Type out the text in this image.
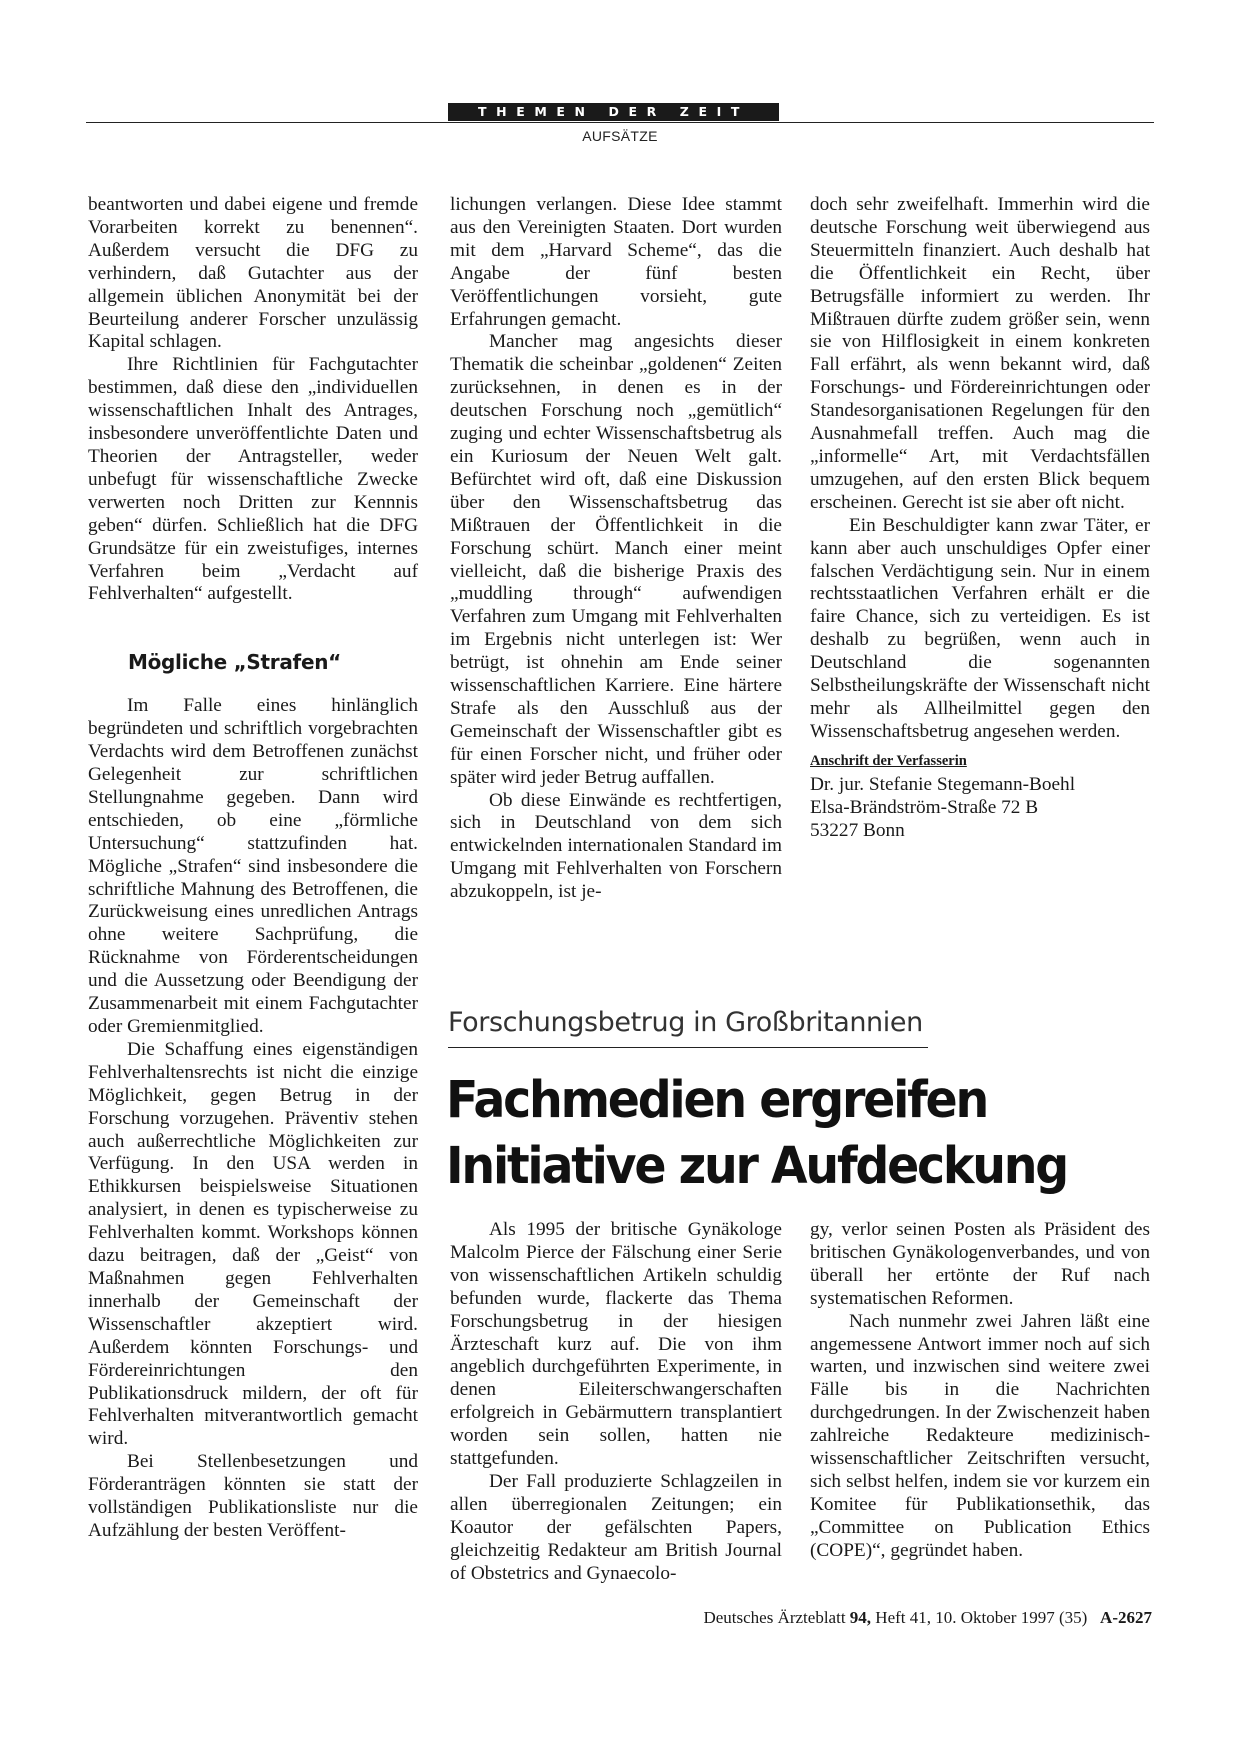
THEMEN DER ZEIT
AUFSÄTZE

beantworten und dabei eigene und fremde Vorarbeiten korrekt zu benennen“. Außerdem versucht die DFG zu verhindern, daß Gutachter aus der allgemein üblichen Anonymität bei der Beurteilung anderer Forscher unzulässig Kapital schlagen.

Ihre Richtlinien für Fachgutachter bestimmen, daß diese den „individuellen wissenschaftlichen Inhalt des Antrages, insbesondere unveröffentlichte Daten und Theorien der Antragsteller, weder unbefugt für wissenschaftliche Zwecke verwerten noch Dritten zur Kennnis geben“ dürfen. Schließlich hat die DFG Grundsätze für ein zweistufiges, internes Verfahren beim „Verdacht auf Fehlverhalten“ aufgestellt.

Mögliche „Strafen“

Im Falle eines hinlänglich begründeten und schriftlich vorgebrachten Verdachts wird dem Betroffenen zunächst Gelegenheit zur schriftlichen Stellungnahme gegeben. Dann wird entschieden, ob eine „förmliche Untersuchung“ stattzufinden hat. Mögliche „Strafen“ sind insbesondere die schriftliche Mahnung des Betroffenen, die Zurückweisung eines unredlichen Antrags ohne weitere Sachprüfung, die Rücknahme von Förderentscheidungen und die Aussetzung oder Beendigung der Zusammenarbeit mit einem Fachgutachter oder Gremienmitglied.

Die Schaffung eines eigenständigen Fehlverhaltensrechts ist nicht die einzige Möglichkeit, gegen Betrug in der Forschung vorzugehen. Präventiv stehen auch außerrechtliche Möglichkeiten zur Verfügung. In den USA werden in Ethikkursen beispielsweise Situationen analysiert, in denen es typischerweise zu Fehlverhalten kommt. Workshops können dazu beitragen, daß der „Geist“ von Maßnahmen gegen Fehlverhalten innerhalb der Gemeinschaft der Wissenschaftler akzeptiert wird. Außerdem könnten Forschungs- und Fördereinrichtungen den Publikationsdruck mildern, der oft für Fehlverhalten mitverantwortlich gemacht wird.

Bei Stellenbesetzungen und Förderanträgen könnten sie statt der vollständigen Publikationsliste nur die Aufzählung der besten Veröffent-

lichungen verlangen. Diese Idee stammt aus den Vereinigten Staaten. Dort wurden mit dem „Harvard Scheme“, das die Angabe der fünf besten Veröffentlichungen vorsieht, gute Erfahrungen gemacht.

Mancher mag angesichts dieser Thematik die scheinbar „goldenen“ Zeiten zurücksehnen, in denen es in der deutschen Forschung noch „gemütlich“ zuging und echter Wissenschaftsbetrug als ein Kuriosum der Neuen Welt galt. Befürchtet wird oft, daß eine Diskussion über den Wissenschaftsbetrug das Mißtrauen der Öffentlichkeit in die Forschung schürt. Manch einer meint vielleicht, daß die bisherige Praxis des „muddling through“ aufwendigen Verfahren zum Umgang mit Fehlverhalten im Ergebnis nicht unterlegen ist: Wer betrügt, ist ohnehin am Ende seiner wissenschaftlichen Karriere. Eine härtere Strafe als den Ausschluß aus der Gemeinschaft der Wissenschaftler gibt es für einen Forscher nicht, und früher oder später wird jeder Betrug auffallen.

Ob diese Einwände es rechtfertigen, sich in Deutschland von dem sich entwickelnden internationalen Standard im Umgang mit Fehlverhalten von Forschern abzukoppeln, ist je-

doch sehr zweifelhaft. Immerhin wird die deutsche Forschung weit überwiegend aus Steuermitteln finanziert. Auch deshalb hat die Öffentlichkeit ein Recht, über Betrugsfälle informiert zu werden. Ihr Mißtrauen dürfte zudem größer sein, wenn sie von Hilflosigkeit in einem konkreten Fall erfährt, als wenn bekannt wird, daß Forschungs- und Fördereinrichtungen oder Standesorganisationen Regelungen für den Ausnahmefall treffen. Auch mag die „informelle“ Art, mit Verdachtsfällen umzugehen, auf den ersten Blick bequem erscheinen. Gerecht ist sie aber oft nicht.

Ein Beschuldigter kann zwar Täter, er kann aber auch unschuldiges Opfer einer falschen Verdächtigung sein. Nur in einem rechtsstaatlichen Verfahren erhält er die faire Chance, sich zu verteidigen. Es ist deshalb zu begrüßen, wenn auch in Deutschland die sogenannten Selbstheilungskräfte der Wissenschaft nicht mehr als Allheilmittel gegen den Wissenschaftsbetrug angesehen werden.

Anschrift der Verfasserin

Dr. jur. Stefanie Stegemann-Boehl

Elsa-Brändström-Straße 72 B

53227 Bonn

Forschungsbetrug in Großbritannien
Fachmedien ergreifen
Initiative zur Aufdeckung

Als 1995 der britische Gynäkologe Malcolm Pierce der Fälschung einer Serie von wissenschaftlichen Artikeln schuldig befunden wurde, flackerte das Thema Forschungsbetrug in der hiesigen Ärzteschaft kurz auf. Die von ihm angeblich durchgeführten Experimente, in denen Eileiterschwangerschaften erfolgreich in Gebärmuttern transplantiert worden sein sollen, hatten nie stattgefunden.

Der Fall produzierte Schlagzeilen in allen überregionalen Zeitungen; ein Koautor der gefälschten Papers, gleichzeitig Redakteur am British Journal of Obstetrics and Gynaecolo-

gy, verlor seinen Posten als Präsident des britischen Gynäkologenverbandes, und von überall her ertönte der Ruf nach systematischen Reformen.

Nach nunmehr zwei Jahren läßt eine angemessene Antwort immer noch auf sich warten, und inzwischen sind weitere zwei Fälle bis in die Nachrichten durchgedrungen. In der Zwischenzeit haben zahlreiche Redakteure medizinisch-wissenschaftlicher Zeitschriften versucht, sich selbst helfen, indem sie vor kurzem ein Komitee für Publikationsethik, das „Committee on Publication Ethics (COPE)“, gegründet haben.

Deutsches Ärzteblatt 94, Heft 41, 10. Oktober 1997 (35) A-2627
